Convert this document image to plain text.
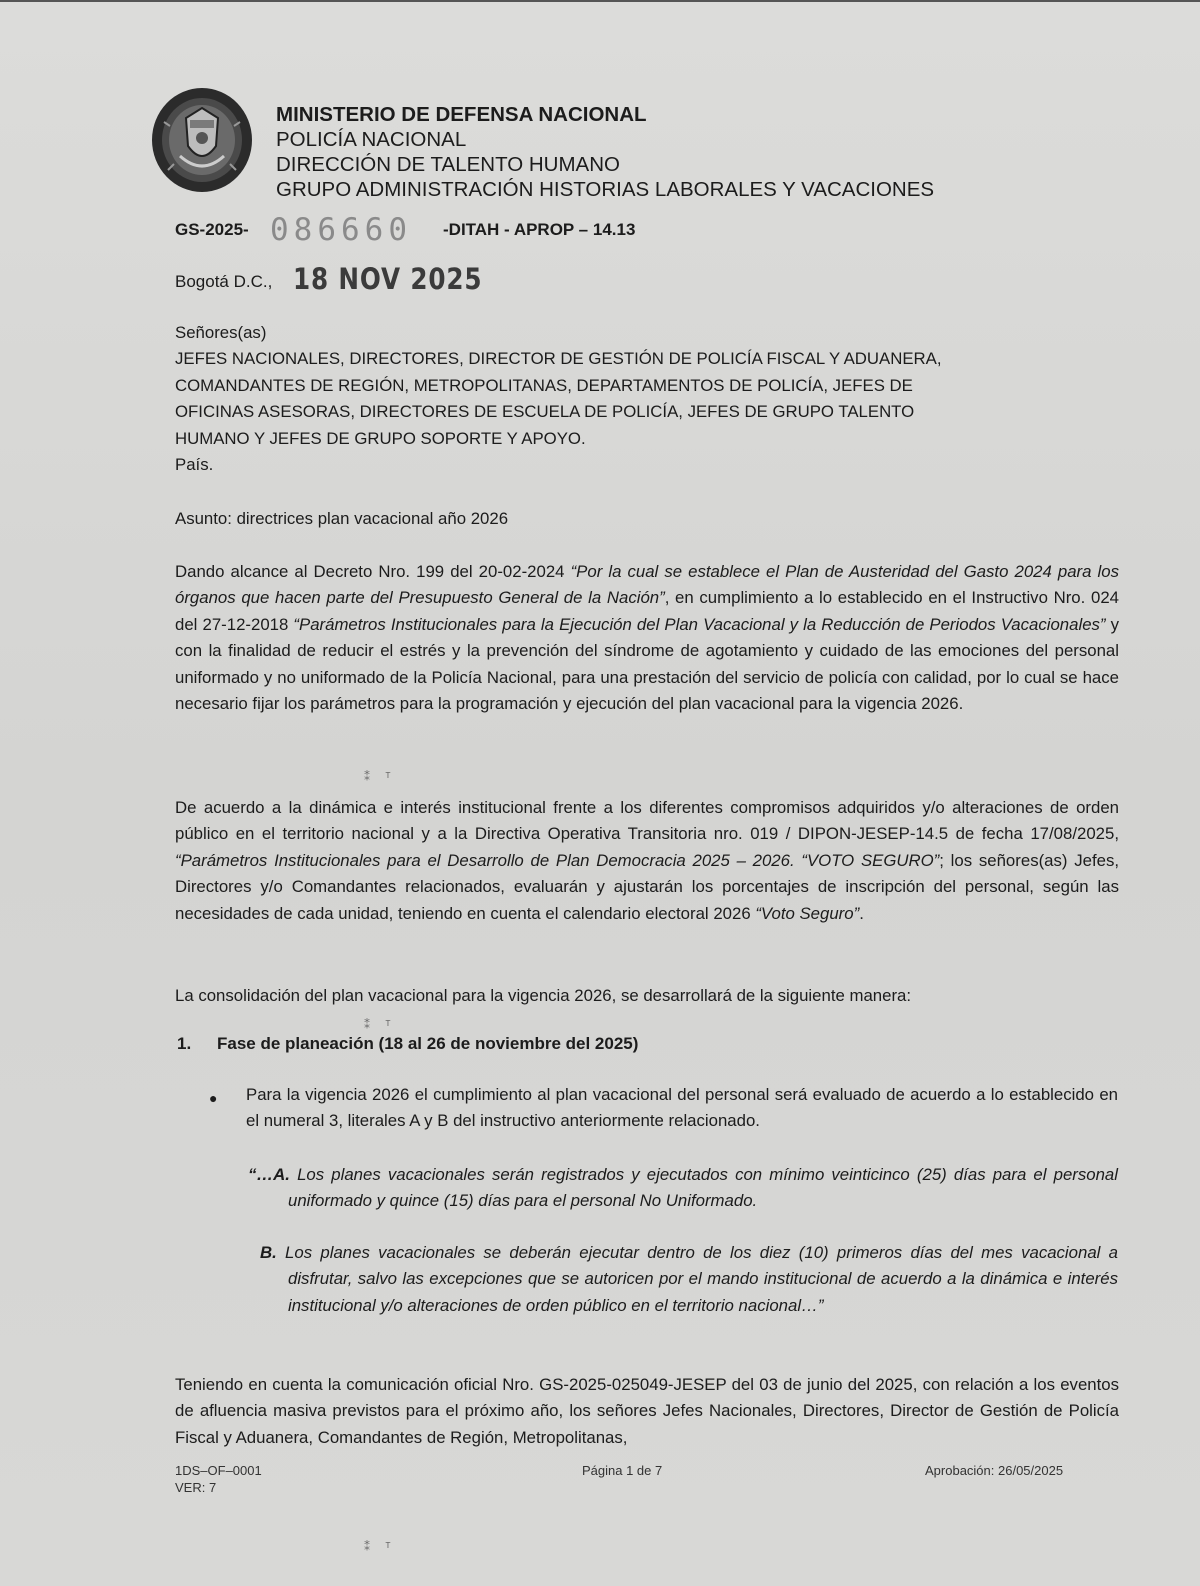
MINISTERIO DE DEFENSA NACIONAL
POLICÍA NACIONAL
DIRECCIÓN DE TALENTO HUMANO
GRUPO ADMINISTRACIÓN HISTORIAS LABORALES Y VACACIONES
GS-2025- 086660 -DITAH - APROP – 14.13
Bogotá D.C., 18 NOV 2025
Señores(as)
JEFES NACIONALES, DIRECTORES, DIRECTOR DE GESTIÓN DE POLICÍA FISCAL Y ADUANERA,
COMANDANTES DE REGIÓN, METROPOLITANAS, DEPARTAMENTOS DE POLICÍA, JEFES DE
OFICINAS ASESORAS, DIRECTORES DE ESCUELA DE POLICÍA, JEFES DE GRUPO TALENTO
HUMANO Y JEFES DE GRUPO SOPORTE Y APOYO.
País.
Asunto: directrices plan vacacional año 2026
Dando alcance al Decreto Nro. 199 del 20-02-2024 “Por la cual se establece el Plan de Austeridad del Gasto 2024 para los órganos que hacen parte del Presupuesto General de la Nación”, en cumplimiento a lo establecido en el Instructivo Nro. 024 del 27-12-2018 “Parámetros Institucionales para la Ejecución del Plan Vacacional y la Reducción de Periodos Vacacionales” y con la finalidad de reducir el estrés y la prevención del síndrome de agotamiento y cuidado de las emociones del personal uniformado y no uniformado de la Policía Nacional, para una prestación del servicio de policía con calidad, por lo cual se hace necesario fijar los parámetros para la programación y ejecución del plan vacacional para la vigencia 2026.
De acuerdo a la dinámica e interés institucional frente a los diferentes compromisos adquiridos y/o alteraciones de orden público en el territorio nacional y a la Directiva Operativa Transitoria nro. 019 / DIPON-JESEP-14.5 de fecha 17/08/2025, “Parámetros Institucionales para el Desarrollo de Plan Democracia 2025 – 2026. “VOTO SEGURO”; los señores(as) Jefes, Directores y/o Comandantes relacionados, evaluarán y ajustarán los porcentajes de inscripción del personal, según las necesidades de cada unidad, teniendo en cuenta el calendario electoral 2026 “Voto Seguro”.
La consolidación del plan vacacional para la vigencia 2026, se desarrollará de la siguiente manera:
1. Fase de planeación (18 al 26 de noviembre del 2025)
● Para la vigencia 2026 el cumplimiento al plan vacacional del personal será evaluado de acuerdo a lo establecido en el numeral 3, literales A y B del instructivo anteriormente relacionado.
“…A. Los planes vacacionales serán registrados y ejecutados con mínimo veinticinco (25) días para el personal uniformado y quince (15) días para el personal No Uniformado.
B. Los planes vacacionales se deberán ejecutar dentro de los diez (10) primeros días del mes vacacional a disfrutar, salvo las excepciones que se autoricen por el mando institucional de acuerdo a la dinámica e interés institucional y/o alteraciones de orden público en el territorio nacional…”
Teniendo en cuenta la comunicación oficial Nro. GS-2025-025049-JESEP del 03 de junio del 2025, con relación a los eventos de afluencia masiva previstos para el próximo año, los señores Jefes Nacionales, Directores, Director de Gestión de Policía Fiscal y Aduanera, Comandantes de Región, Metropolitanas,
1DS–OF–0001
VER: 7
Página 1 de 7	Aprobación: 26/05/2025
⁑ ᵀ
⁑ ᵀ
⁑ ᵀ
